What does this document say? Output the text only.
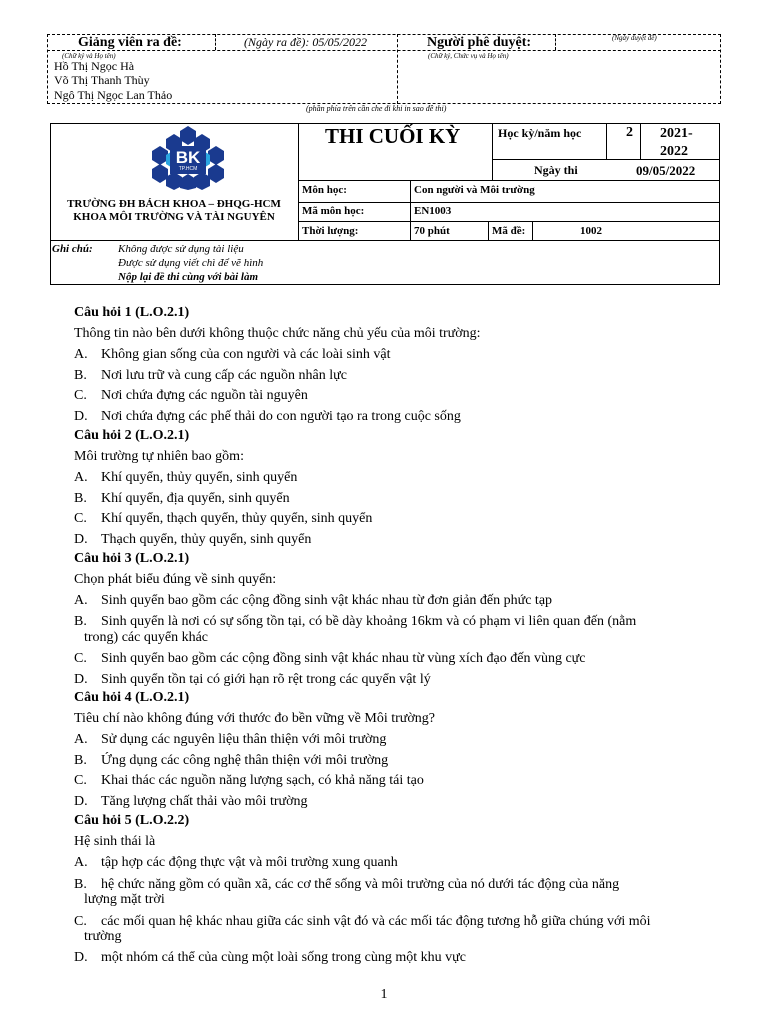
Giảng viên ra đề:	(Ngày ra đề): 05/05/2022	Người phê duyệt:	(Ngày duyệt đề)
(Chữ ký và Họ tên)	(Chữ ký, Chức vụ và Họ tên)
Hồ Thị Ngọc Hà
Võ Thị Thanh Thùy
Ngô Thị Ngọc Lan Thảo
(phần phía trên cần che đi khi in sao đề thi)
BK
TP.HCM
TRƯỜNG ĐH BÁCH KHOA – ĐHQG-HCM
KHOA MÔI TRƯỜNG VÀ TÀI NGUYÊN
THI CUỐI KỲ	Học kỳ/năm học	2 2021-2022
Ngày thi	09/05/2022
Môn học:	Con người và Môi trường
Mã môn học:	EN1003
Thời lượng:	70 phút	Mã đề:	1002
Ghi chú: Không được sử dụng tài liệu
Được sử dụng viết chì để vẽ hình
Nộp lại đề thi cùng với bài làm
Câu hỏi 1 (L.O.2.1)
Thông tin nào bên dưới không thuộc chức năng chủ yếu của môi trường:
A. Không gian sống của con người và các loài sinh vật
B. Nơi lưu trữ và cung cấp các nguồn nhân lực
C. Nơi chứa đựng các nguồn tài nguyên
D. Nơi chứa đựng các phế thải do con người tạo ra trong cuộc sống
Câu hỏi 2 (L.O.2.1)
Môi trường tự nhiên bao gồm:
A. Khí quyển, thủy quyển, sinh quyển
B. Khí quyển, địa quyển, sinh quyển
C. Khí quyển, thạch quyển, thủy quyển, sinh quyển
D. Thạch quyển, thủy quyển, sinh quyển
Câu hỏi 3 (L.O.2.1)
Chọn phát biểu đúng về sinh quyển:
A. Sinh quyển bao gồm các cộng đồng sinh vật khác nhau từ đơn giản đến phức tạp
B. Sinh quyển là nơi có sự sống tồn tại, có bề dày khoảng 16km và có phạm vi liên quan đến (nằm
trong) các quyển khác
C. Sinh quyển bao gồm các cộng đồng sinh vật khác nhau từ vùng xích đạo đến vùng cực
D. Sinh quyển tồn tại có giới hạn rõ rệt trong các quyển vật lý
Câu hỏi 4 (L.O.2.1)
Tiêu chí nào không đúng với thước đo bền vững về Môi trường?
A. Sử dụng các nguyên liệu thân thiện với môi trường
B. Ứng dụng các công nghệ thân thiện với môi trường
C. Khai thác các nguồn năng lượng sạch, có khả năng tái tạo
D. Tăng lượng chất thải vào môi trường
Câu hỏi 5 (L.O.2.2)
Hệ sinh thái là
A. tập hợp các động thực vật và môi trường xung quanh
B. hệ chức năng gồm có quần xã, các cơ thể sống và môi trường của nó dưới tác động của năng
lượng mặt trời
C. các mối quan hệ khác nhau giữa các sinh vật đó và các mối tác động tương hỗ giữa chúng với môi
trường
D. một nhóm cá thể của cùng một loài sống trong cùng một khu vực
1
